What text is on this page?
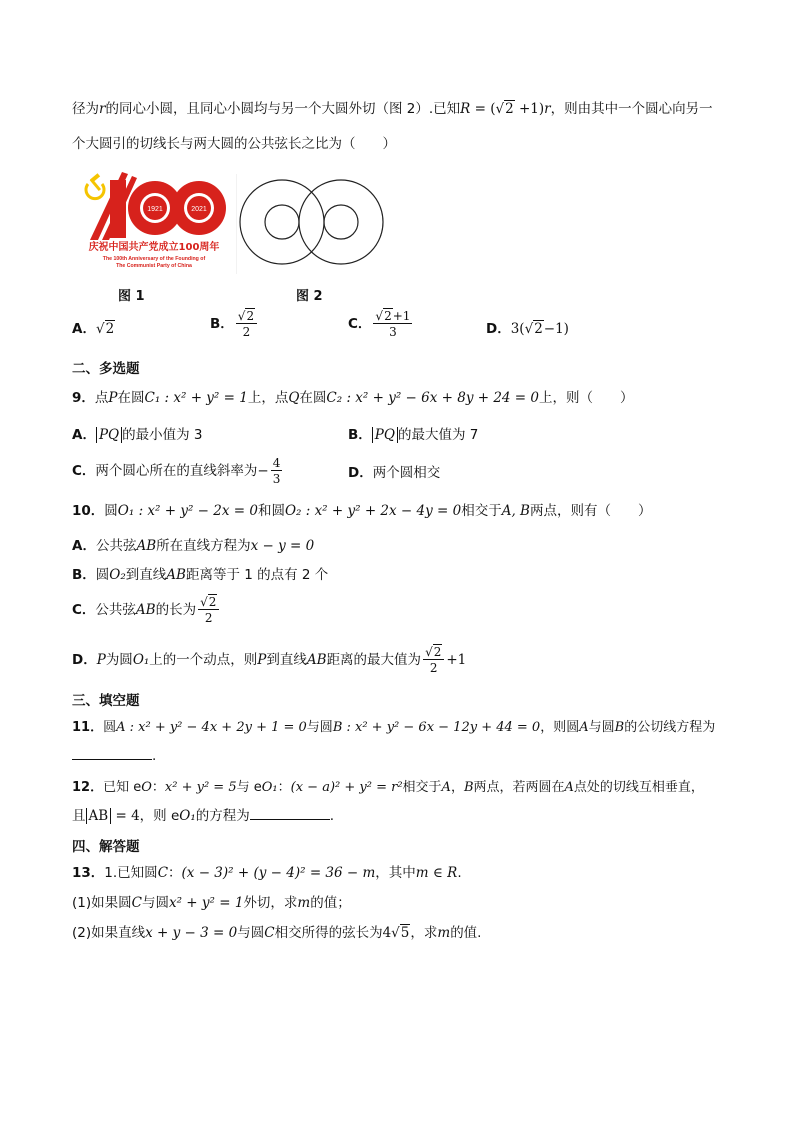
径为r的同心小圆，且同心小圆均与另一个大圆外切（图 2）.已知R = (√2 +1)r，则由其中一个圆心向另一
个大圆引的切线长与两大圆的公共弦长之比为（　　）
1921	2021
庆祝中国共产党成立100周年
The 100th Anniversary of the Founding of
The Communist Party of China
图 1	图 2
A．√2	B． $\frac{√2}{2}$	C． $\frac{√2+1}{3}$	D．3(√2−1)
二、多选题
9．点P在圆C₁ : x² + y² = 1上，点Q在圆C₂ : x² + y² − 6x + 8y + 24 = 0上，则（　　）
A． PQ 的最小值为 3	B． PQ 的最大值为 7
C．两个圆心所在的直线斜率为− $\frac{4}{3}$	D．两个圆相交
10．圆O₁ : x² + y² − 2x = 0和圆O₂ : x² + y² + 2x − 4y = 0相交于A, B两点，则有（　　）
A．公共弦AB所在直线方程为x − y = 0
B．圆O₂到直线AB距离等于 1 的点有 2 个
C．公共弦AB的长为 $\frac{√2}{2}$
D．P为圆O₁上的一个动点，则P到直线AB距离的最大值为 $\frac{√2}{2} +1$
三、填空题
11．圆A : x² + y² − 4x + 2y + 1 = 0与圆B : x² + y² − 6x − 12y + 44 = 0，则圆A与圆B的公切线方程为
.
12．已知 eO：x² + y² = 5与 eO₁：(x − a)² + y² = r²相交于A，B两点，若两圆在A点处的切线互相垂直，
且 AB = 4，则 eO₁的方程为	.
四、解答题
13．1.已知圆C：(x − 3)² + (y − 4)² = 36 − m，其中m ∈ R.
(1)如果圆C与圆x² + y² = 1外切，求m的值；
(2)如果直线x + y − 3 = 0与圆C相交所得的弦长为4√5，求m的值.
